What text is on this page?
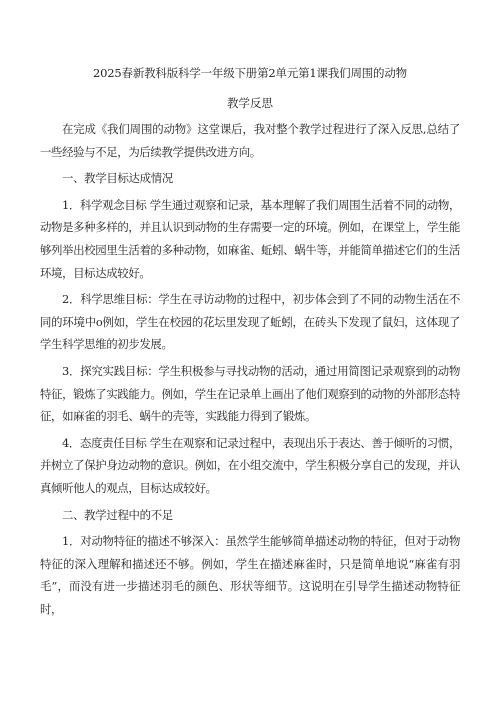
2025春新教科版科学一年级下册第2单元第1课我们周围的动物
教学反思

在完成《我们周围的动物》这堂课后，我对整个教学过程进行了深入反思,总结了一些经验与不足，为后续教学提供改进方向。

一、教学目标达成情况

1．科学观念目标 学生通过观察和记录，基本理解了我们周围生活着不同的动物，动物是多种多样的，并且认识到动物的生存需要一定的环境。例如，在课堂上，学生能够列举出校园里生活着的多种动物，如麻雀、蚯蚓、蜗牛等，并能简单描述它们的生活环境，目标达成较好。

2．科学思维目标：学生在寻访动物的过程中，初步体会到了不同的动物生活在不同的环境中o例如，学生在校园的花坛里发现了蚯蚓，在砖头下发现了鼠妇，这体现了学生科学思维的初步发展。

3．探究实践目标：学生积极参与寻找动物的活动，通过用简图记录观察到的动物特征，锻炼了实践能力。例如，学生在记录单上画出了他们观察到的动物的外部形态特征，如麻雀的羽毛、蜗牛的壳等，实践能力得到了锻炼。

4．态度责任目标 学生在观察和记录过程中，表现出乐于表达、善于倾听的习惯，并树立了保护身边动物的意识。例如，在小组交流中，学生积极分享自己的发现，并认真倾听他人的观点，目标达成较好。

二、教学过程中的不足

1．对动物特征的描述不够深入：虽然学生能够简单描述动物的特征，但对于动物特征的深入理解和描述还不够。例如，学生在描述麻雀时，只是简单地说“麻雀有羽毛”，而没有进一步描述羽毛的颜色、形状等细节。这说明在引导学生描述动物特征时，
